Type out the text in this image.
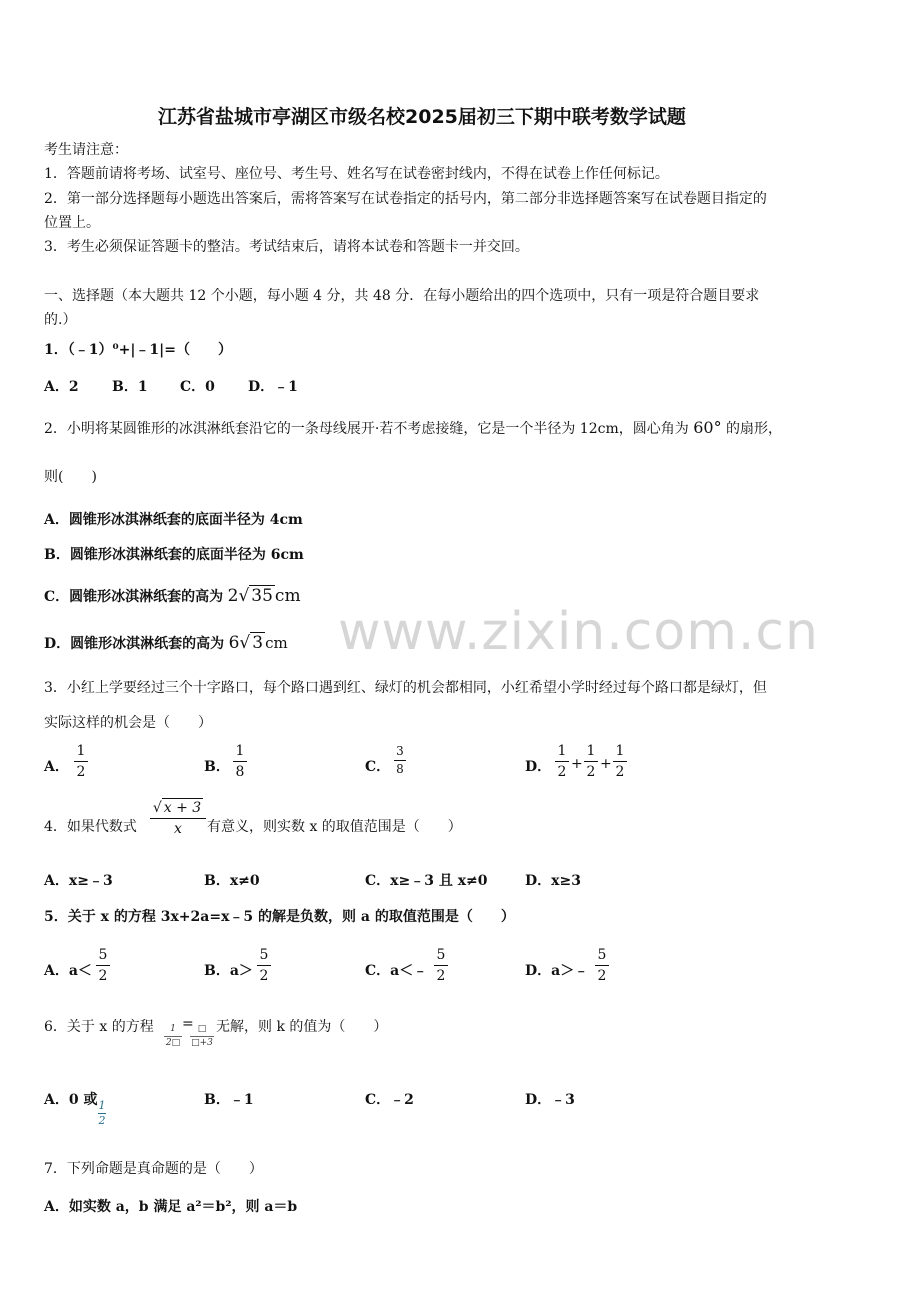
江苏省盐城市亭湖区市级名校2025届初三下期中联考数学试题
www.zixin.com.cn
考生请注意：
1．答题前请将考场、试室号、座位号、考生号、姓名写在试卷密封线内，不得在试卷上作任何标记。
2．第一部分选择题每小题选出答案后，需将答案写在试卷指定的括号内，第二部分非选择题答案写在试卷题目指定的
位置上。
3．考生必须保证答题卡的整洁。考试结束后，请将本试卷和答题卡一并交回。
一、选择题（本大题共 12 个小题，每小题 4 分，共 48 分．在每小题给出的四个选项中，只有一项是符合题目要求
的.）
1．（﹣1）⁰+|﹣1|=（　　）
A．2 B．1 C．0 D．﹣1
2．小明将某圆锥形的冰淇淋纸套沿它的一条母线展开·若不考虑接缝，它是一个半径为 12cm，圆心角为 60° 的扇形，
则(　　)
A．圆锥形冰淇淋纸套的底面半径为 4cm
B．圆锥形冰淇淋纸套的底面半径为 6cm
C．圆锥形冰淇淋纸套的高为 2√ 35 cm
D．圆锥形冰淇淋纸套的高为 6√ 3 cm
3．小红上学要经过三个十字路口，每个路口遇到红、绿灯的机会都相同，小红希望小学时经过每个路口都是绿灯，但
实际这样的机会是（　　）
A．
1
2	B．
1
8	C．
3
8	D．
1
2 +
1
2 +
1
2
4．如果代数式
√ x + 3
x	有意义，则实数 x 的取值范围是（　　）
A．x≥﹣3	B．x≠0	C．x≥﹣3 且 x≠0	D．x≥3
5．关于 x 的方程 3x+2a=x﹣5 的解是负数，则 a 的取值范围是（　　）
A．a＜
5
2	B．a＞
5
2	C．a＜﹣
5
2	D．a＞﹣
5
2
6．关于 x 的方程	1
2□
= □
□+3
无解，则 k 的值为（　　）
A．0 或 1
2
B．﹣1	C．﹣2	D．﹣3
7．下列命题是真命题的是（　　）
A．如实数 a，b 满足 a²＝b²，则 a＝b
